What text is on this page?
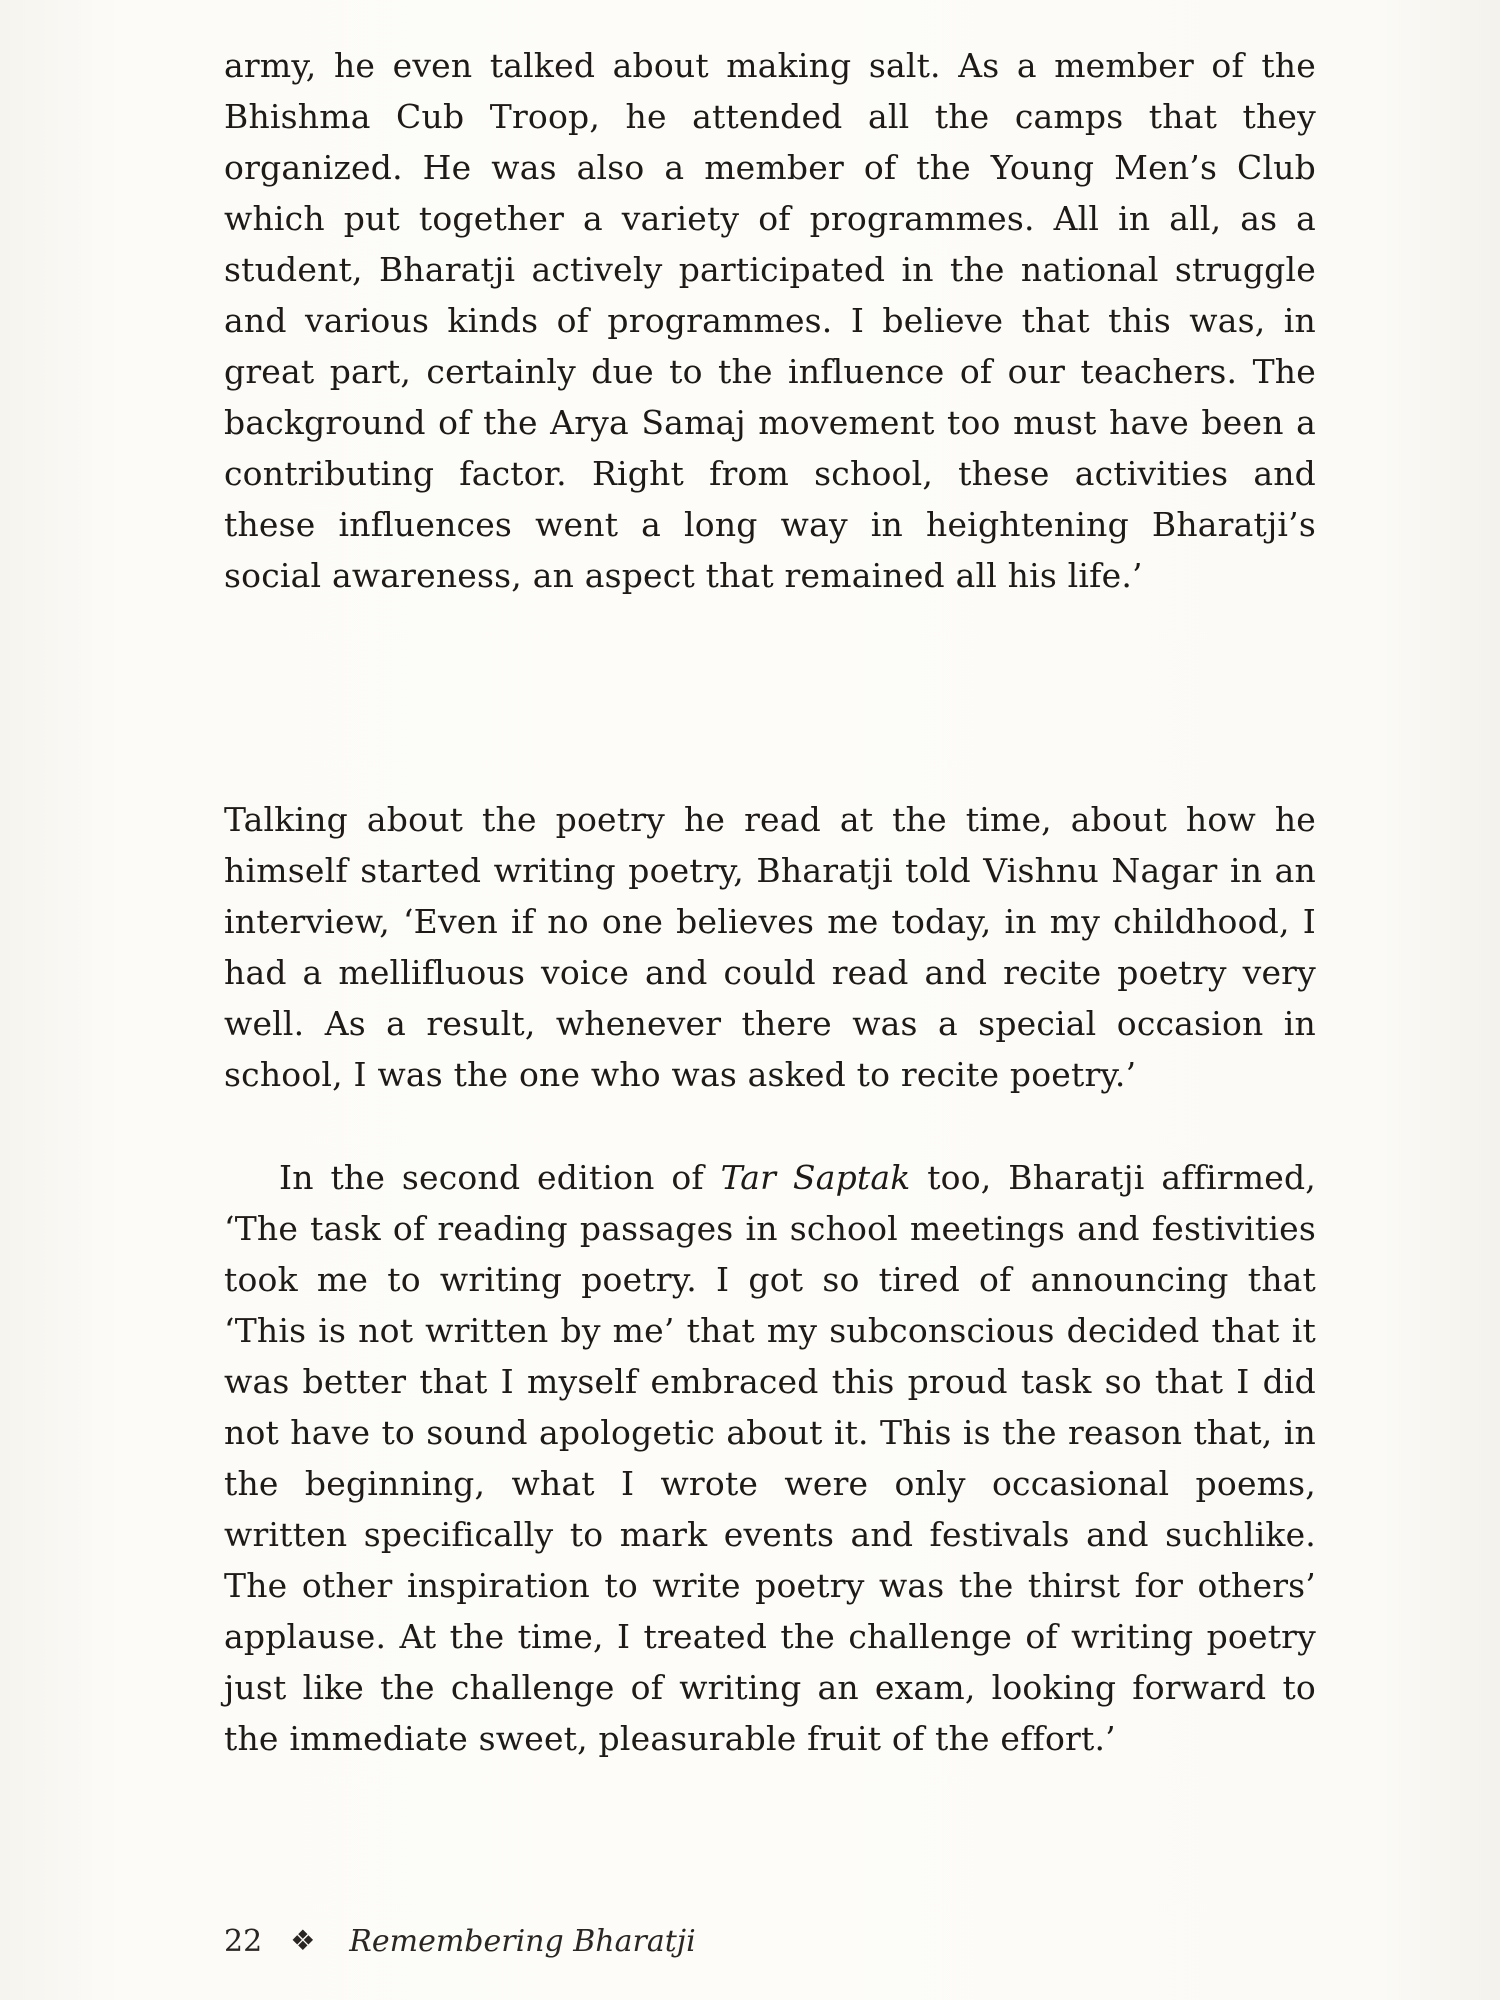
army, he even talked about making salt. As a member of the Bhishma Cub Troop, he attended all the camps that they organized. He was also a member of the Young Men’s Club which put together a variety of programmes. All in all, as a student, Bharatji actively participated in the national struggle and various kinds of programmes. I believe that this was, in great part, certainly due to the influence of our teachers. The background of the Arya Samaj movement too must have been a contributing factor. Right from school, these activities and these influences went a long way in heightening Bharatji’s social awareness, an aspect that remained all his life.’

Talking about the poetry he read at the time, about how he himself started writing poetry, Bharatji told Vishnu Nagar in an interview, ‘Even if no one believes me today, in my childhood, I had a mellifluous voice and could read and recite poetry very well. As a result, whenever there was a special occasion in school, I was the one who was asked to recite poetry.’

In the second edition of Tar Saptak too, Bharatji affirmed, ‘The task of reading passages in school meetings and festivities took me to writing poetry. I got so tired of announcing that ‘This is not written by me’ that my subconscious decided that it was better that I myself embraced this proud task so that I did not have to sound apologetic about it. This is the reason that, in the beginning, what I wrote were only occasional poems, written specifically to mark events and festivals and suchlike. The other inspiration to write poetry was the thirst for others’ applause. At the time, I treated the challenge of writing poetry just like the challenge of writing an exam, looking forward to the immediate sweet, pleasurable fruit of the effort.’

22 ❖ Remembering Bharatji
